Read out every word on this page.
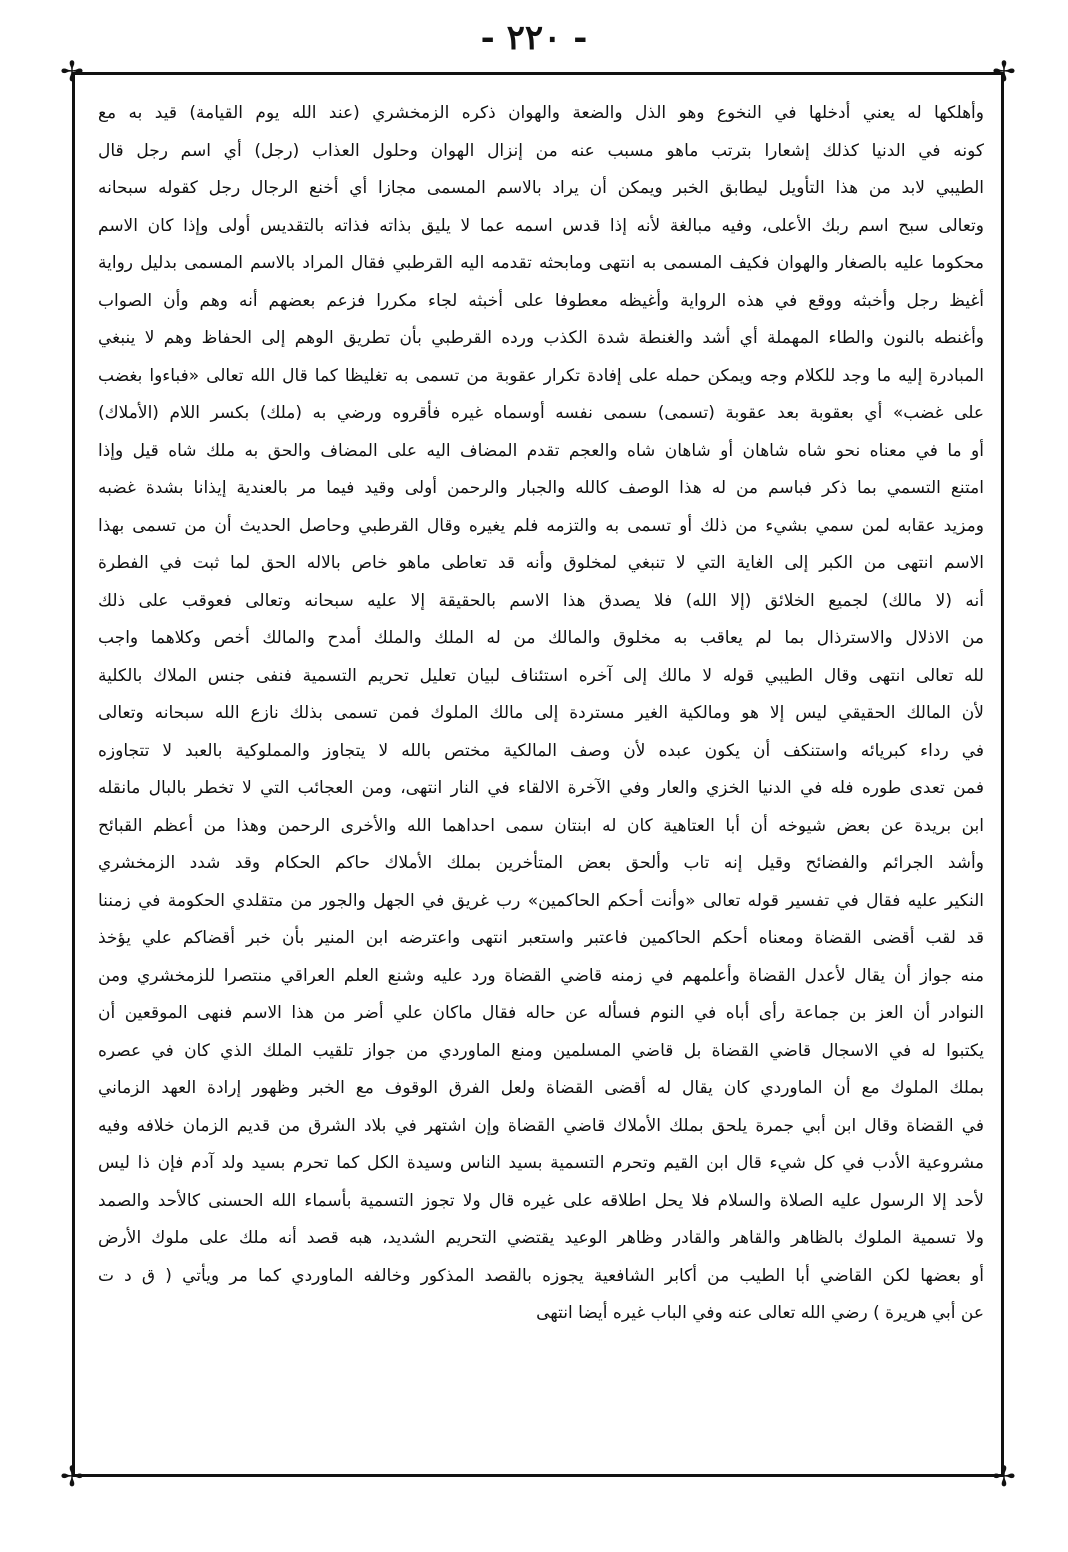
- ٢٢٠ -
✢	✢
✢	✢
وأهلكها له يعني أدخلها في النخوع وهو الذل والضعة والهوان ذكره الزمخشري (عند الله يوم القيامة) قيد به مع
كونه في الدنيا كذلك إشعارا بترتب ماهو مسبب عنه من إنزال الهوان وحلول العذاب (رجل) أي اسم رجل قال
الطيبي لابد من هذا التأويل ليطابق الخبر ويمكن أن يراد بالاسم المسمى مجازا أي أخنع الرجال رجل كقوله سبحانه
وتعالى سبح اسم ربك الأعلى، وفيه مبالغة لأنه إذا قدس اسمه عما لا يليق بذاته فذاته بالتقديس أولى وإذا كان الاسم
محكوما عليه بالصغار والهوان فكيف المسمى به انتهى ومابحثه تقدمه اليه القرطبي فقال المراد بالاسم المسمى بدليل رواية
أغيظ رجل وأخبثه ووقع في هذه الرواية وأغيظه معطوفا على أخبثه لجاء مكررا فزعم بعضهم أنه وهم وأن الصواب
وأغنطه بالنون والطاء المهملة أي أشد والغنطة شدة الكذب ورده القرطبي بأن تطريق الوهم إلى الحفاظ وهم لا ينبغي
المبادرة إليه ما وجد للكلام وجه ويمكن حمله على إفادة تكرار عقوبة من تسمى به تغليظا كما قال الله تعالى «فباءوا بغضب
على غضب» أي بعقوبة بعد عقوبة (تسمى) ىسمى نفسه أوسماه غيره فأقروه ورضي به (ملك) بكسر اللام (الأملاك)
أو ما في معناه نحو شاه شاهان أو شاهان شاه والعجم تقدم المضاف اليه على المضاف والحق به ملك شاه قيل وإذا
امتنع التسمي بما ذكر فباسم من له هذا الوصف كالله والجبار والرحمن أولى وقيد فيما مر بالعندية إيذانا بشدة غضبه
ومزيد عقابه لمن سمي بشيء من ذلك أو تسمى به والتزمه فلم يغيره وقال القرطبي وحاصل الحديث أن من تسمى بهذا
الاسم انتهى من الكبر إلى الغاية التي لا تنبغي لمخلوق وأنه قد تعاطى ماهو خاص بالاله الحق لما ثبت في الفطرة
أنه (لا مالك) لجميع الخلائق (إلا الله) فلا يصدق هذا الاسم بالحقيقة إلا عليه سبحانه وتعالى فعوقب على ذلك
من الاذلال والاسترذال بما لم يعاقب به مخلوق والمالك من له الملك والملك أمدح والمالك أخص وكلاهما واجب
لله تعالى انتهى وقال الطيبي قوله لا مالك إلى آخره استئناف لبيان تعليل تحريم التسمية فنفى جنس الملاك بالكلية
لأن المالك الحقيقي ليس إلا هو ومالكية الغير مستردة إلى مالك الملوك فمن تسمى بذلك نازع الله سبحانه وتعالى
في رداء كبريائه واستنكف أن يكون عبده لأن وصف المالكية مختص بالله لا يتجاوز والمملوكية بالعبد لا تتجاوزه
فمن تعدى طوره فله في الدنيا الخزي والعار وفي الآخرة الالقاء في النار انتهى، ومن العجائب التي لا تخطر بالبال مانقله
ابن بريدة عن بعض شيوخه أن أبا العتاهية كان له ابنتان سمى احداهما الله والأخرى الرحمن وهذا من أعظم القبائح
وأشد الجرائم والفضائح وقيل إنه تاب وألحق بعض المتأخرين بملك الأملاك حاكم الحكام وقد شدد الزمخشري
النكير عليه فقال في تفسير قوله تعالى «وأنت أحكم الحاكمين» رب غريق في الجهل والجور من متقلدي الحكومة في زمننا
قد لقب أقضى القضاة ومعناه أحكم الحاكمين فاعتبر واستعبر انتهى واعترضه ابن المنير بأن خبر أقضاكم علي يؤخذ
منه جواز أن يقال لأعدل القضاة وأعلمهم في زمنه قاضي القضاة ورد عليه وشنع العلم العراقي منتصرا للزمخشري ومن
النوادر أن العز بن جماعة رأى أباه في النوم فسأله عن حاله فقال ماكان علي أضر من هذا الاسم فنهى الموقعين أن
يكتبوا له في الاسجال قاضي القضاة بل قاضي المسلمين ومنع الماوردي من جواز تلقيب الملك الذي كان في عصره
بملك الملوك مع أن الماوردي كان يقال له أقضى القضاة ولعل الفرق الوقوف مع الخبر وظهور إرادة العهد الزماني
في القضاة وقال ابن أبي جمرة يلحق بملك الأملاك قاضي القضاة وإن اشتهر في بلاد الشرق من قديم الزمان خلافه وفيه
مشروعية الأدب في كل شيء قال ابن القيم وتحرم التسمية بسيد الناس وسيدة الكل كما تحرم بسيد ولد آدم فإن ذا ليس
لأحد إلا الرسول عليه الصلاة والسلام فلا يحل اطلاقه على غيره قال ولا تجوز التسمية بأسماء الله الحسنى كالأحد والصمد
ولا تسمية الملوك بالظاهر والقاهر والقادر وظاهر الوعيد يقتضي التحريم الشديد، هبه قصد أنه ملك على ملوك الأرض
أو بعضها لكن القاضي أبا الطيب من أكابر الشافعية يجوزه بالقصد المذكور وخالفه الماوردي كما مر ويأتي ( ق د ت
عن أبي هريرة ) رضي الله تعالى عنه وفي الباب غيره أيضا انتهى
